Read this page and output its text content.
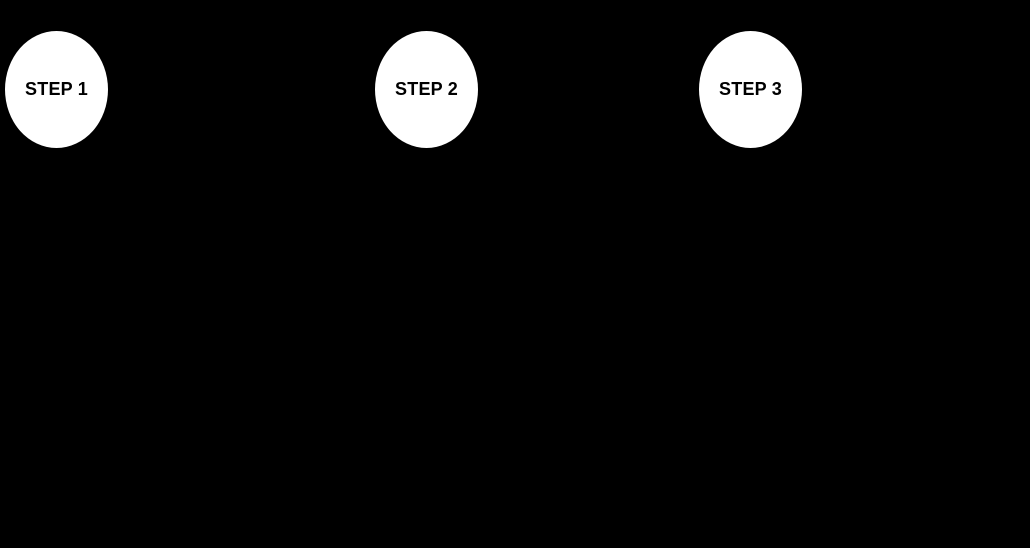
STEP 1	STEP 2	STEP 3
